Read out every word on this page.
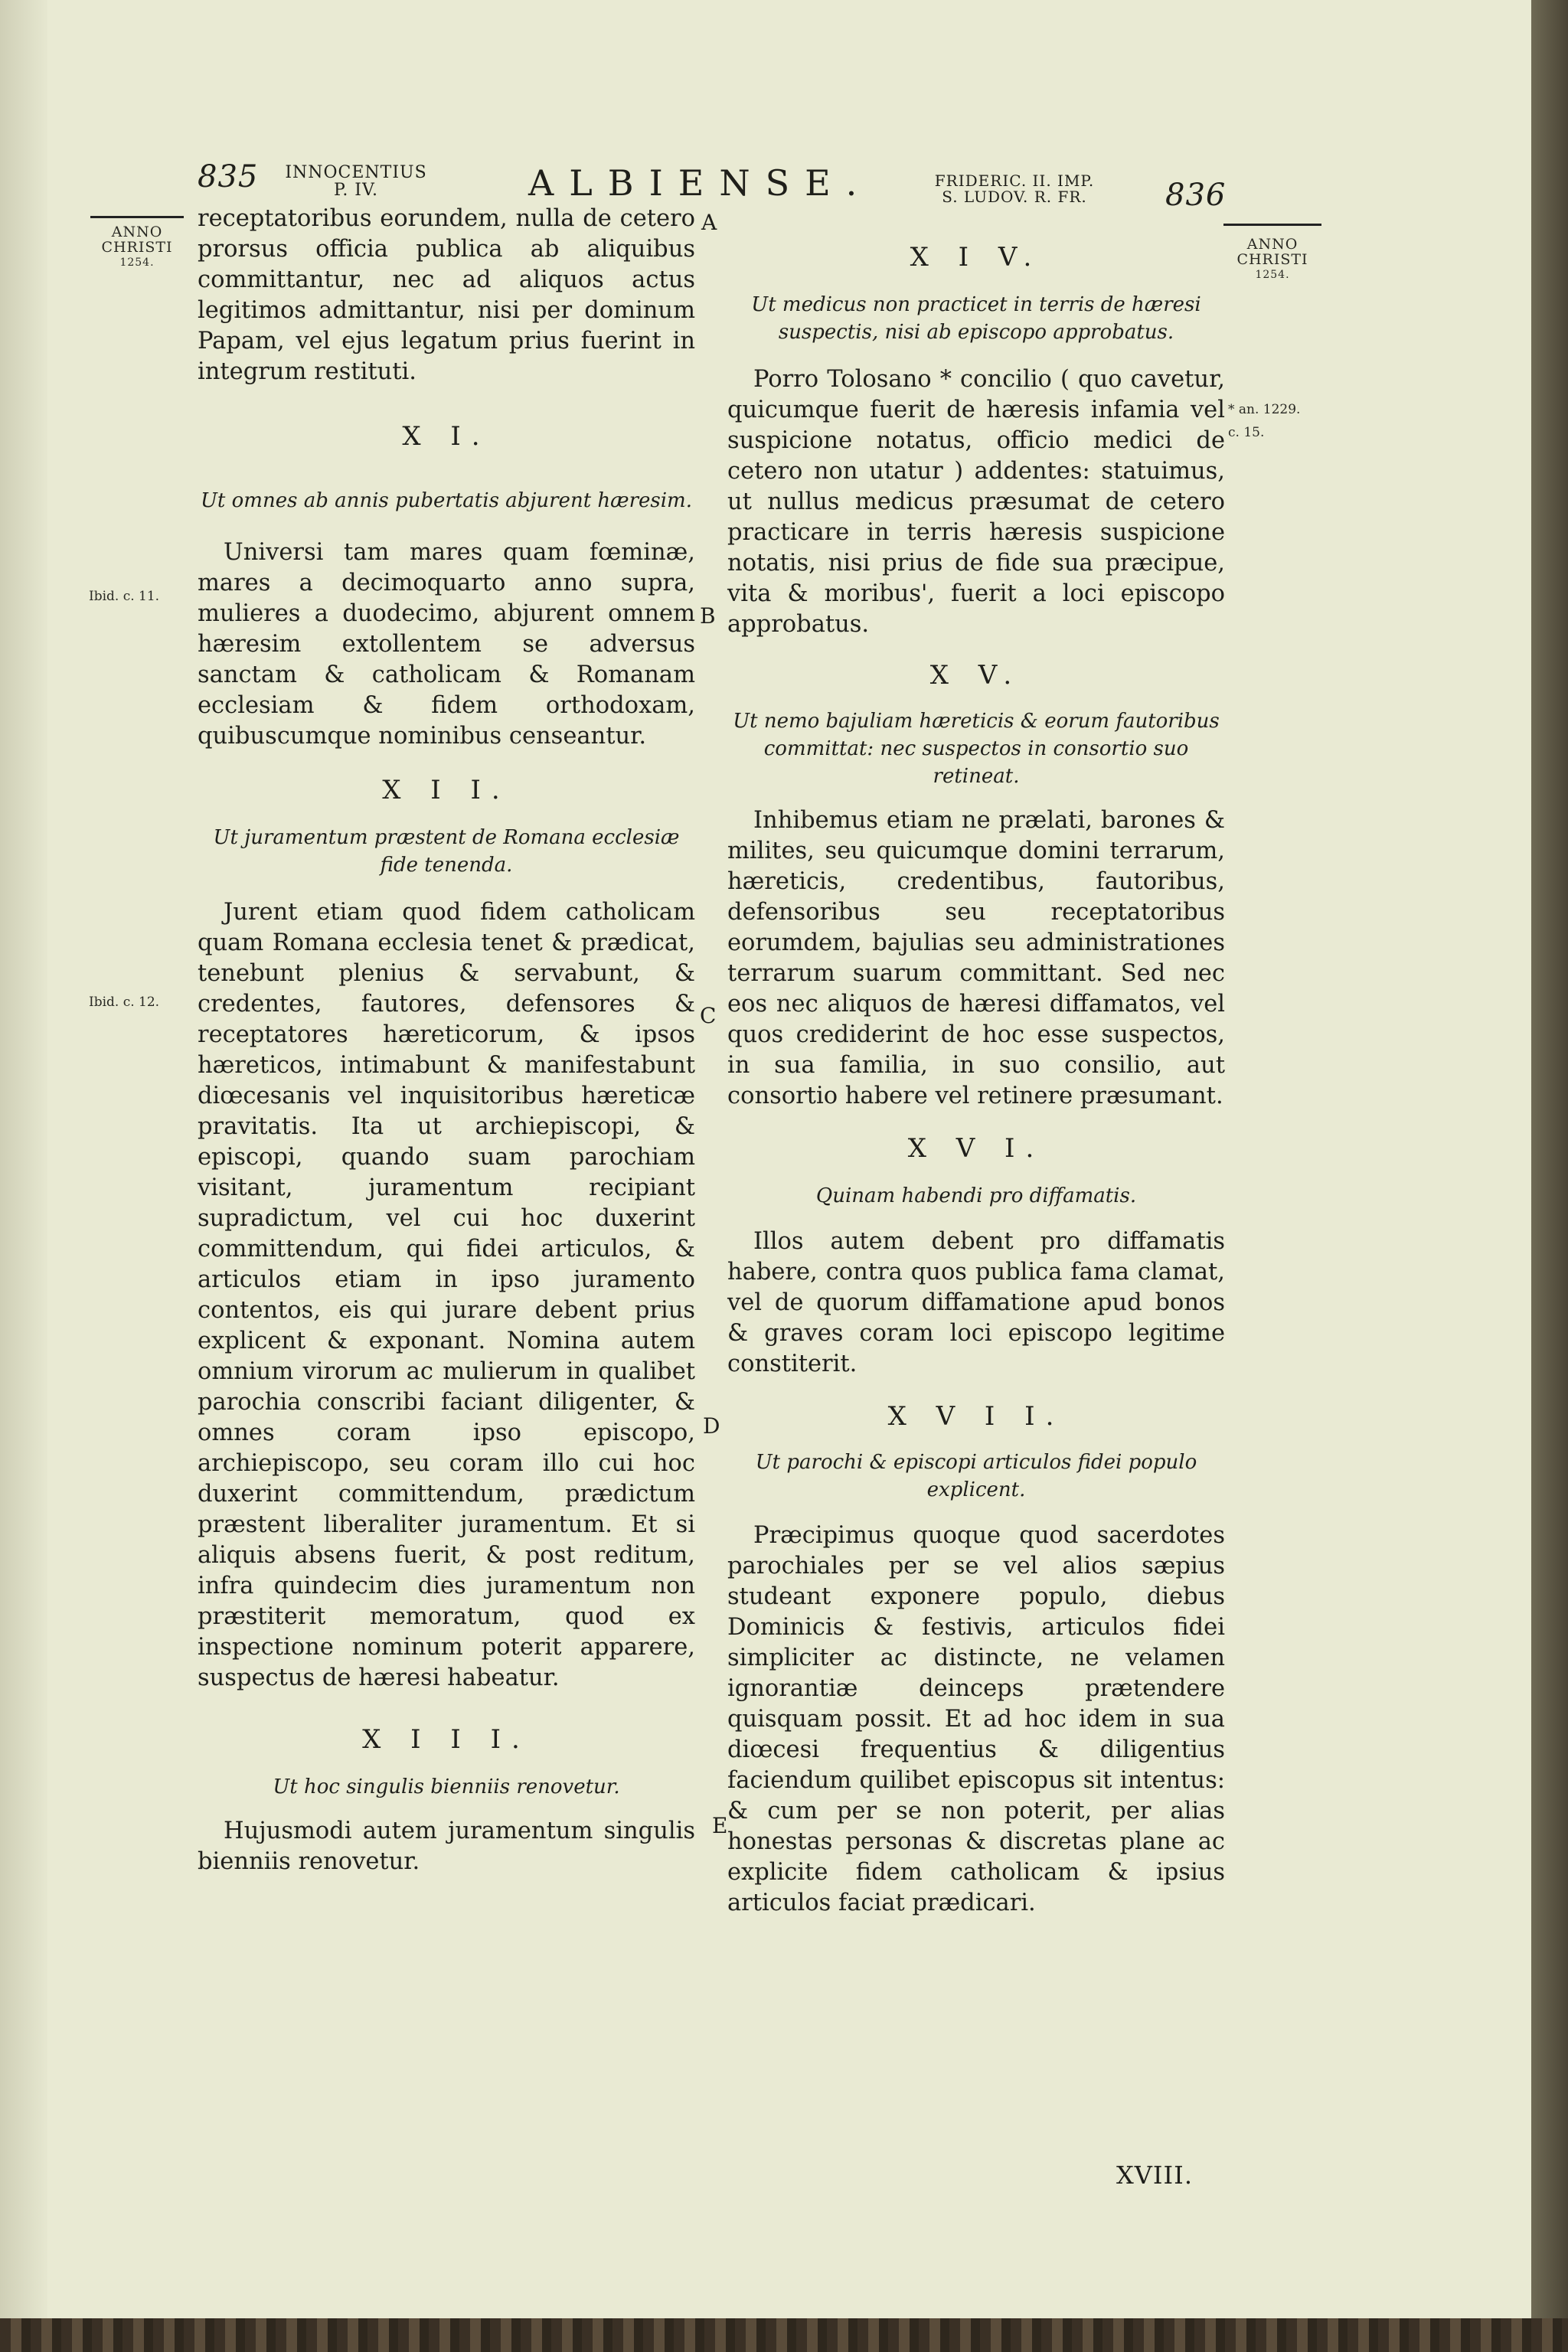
835 INNOCENTIUS
P. IV.	ALBIENSE.	FRIDERIC. II. IMP.
S. LUDOV. R. FR.	836
ANNO
CHRISTI
1254.
Ibid. c. 11.
Ibid. c. 12.
ANNO
CHRISTI
1254.
* an. 1229.
c. 15.
A
B
C
D
E

receptatoribus eorundem, nulla de cetero prorsus officia publica ab aliquibus committantur, nec ad aliquos actus legitimos admittantur, nisi per dominum Papam, vel ejus legatum prius fuerint in integrum restituti.

X I.
Ut omnes ab annis pubertatis abjurent hæresim.

Universi tam mares quam fœminæ, mares a decimoquarto anno supra, mulieres a duodecimo, abjurent omnem hæresim extollentem se adversus sanctam & catholicam & Romanam ecclesiam & fidem orthodoxam, quibuscumque nominibus censeantur.

X I I.
Ut juramentum præstent de Romana ecclesiæ fide tenenda.

Jurent etiam quod fidem catholicam quam Romana ecclesia tenet & prædicat, tenebunt plenius & servabunt, & credentes, fautores, defensores & receptatores hæreticorum, & ipsos hæreticos, intimabunt & manifestabunt diœcesanis vel inquisitoribus hæreticæ pravitatis. Ita ut archiepiscopi, & episcopi, quando suam parochiam visitant, juramentum recipiant supradictum, vel cui hoc duxerint committendum, qui fidei articulos, & articulos etiam in ipso juramento contentos, eis qui jurare debent prius explicent & exponant. Nomina autem omnium virorum ac mulierum in qualibet parochia conscribi faciant diligenter, & omnes coram ipso episcopo, archiepiscopo, seu coram illo cui hoc duxerint committendum, prædictum præstent liberaliter juramentum. Et si aliquis absens fuerit, & post reditum, infra quindecim dies juramentum non præstiterit memoratum, quod ex inspectione nominum poterit apparere, suspectus de hæresi habeatur.

X I I I.
Ut hoc singulis bienniis renovetur.

Hujusmodi autem juramentum singulis bienniis renovetur.

X I V.
Ut medicus non practicet in terris de hæresi suspectis, nisi ab episcopo approbatus.

Porro Tolosano * concilio ( quo cavetur, quicumque fuerit de hæresis infamia vel suspicione notatus, officio medici de cetero non utatur ) addentes: statuimus, ut nullus medicus præsumat de cetero practicare in terris hæresis suspicione notatis, nisi prius de fide sua præcipue, vita & moribus', fuerit a loci episcopo approbatus.

X V.
Ut nemo bajuliam hæreticis & eorum fautoribus committat: nec suspectos in consortio suo retineat.

Inhibemus etiam ne prælati, barones & milites, seu quicumque domini terrarum, hæreticis, credentibus, fautoribus, defensoribus seu receptatoribus eorumdem, bajulias seu administrationes terrarum suarum committant. Sed nec eos nec aliquos de hæresi diffamatos, vel quos crediderint de hoc esse suspectos, in sua familia, in suo consilio, aut consortio habere vel retinere præsumant.

X V I.
Quinam habendi pro diffamatis.

Illos autem debent pro diffamatis habere, contra quos publica fama clamat, vel de quorum diffamatione apud bonos & graves coram loci episcopo legitime constiterit.

X V I I.
Ut parochi & episcopi articulos fidei populo explicent.

Præcipimus quoque quod sacerdotes parochiales per se vel alios sæpius studeant exponere populo, diebus Dominicis & festivis, articulos fidei simpliciter ac distincte, ne velamen ignorantiæ deinceps prætendere quisquam possit. Et ad hoc idem in sua diœcesi frequentius & diligentius faciendum quilibet episcopus sit intentus: & cum per se non poterit, per alias honestas personas & discretas plane ac explicite fidem catholicam & ipsius articulos faciat prædicari.

XVIII.
